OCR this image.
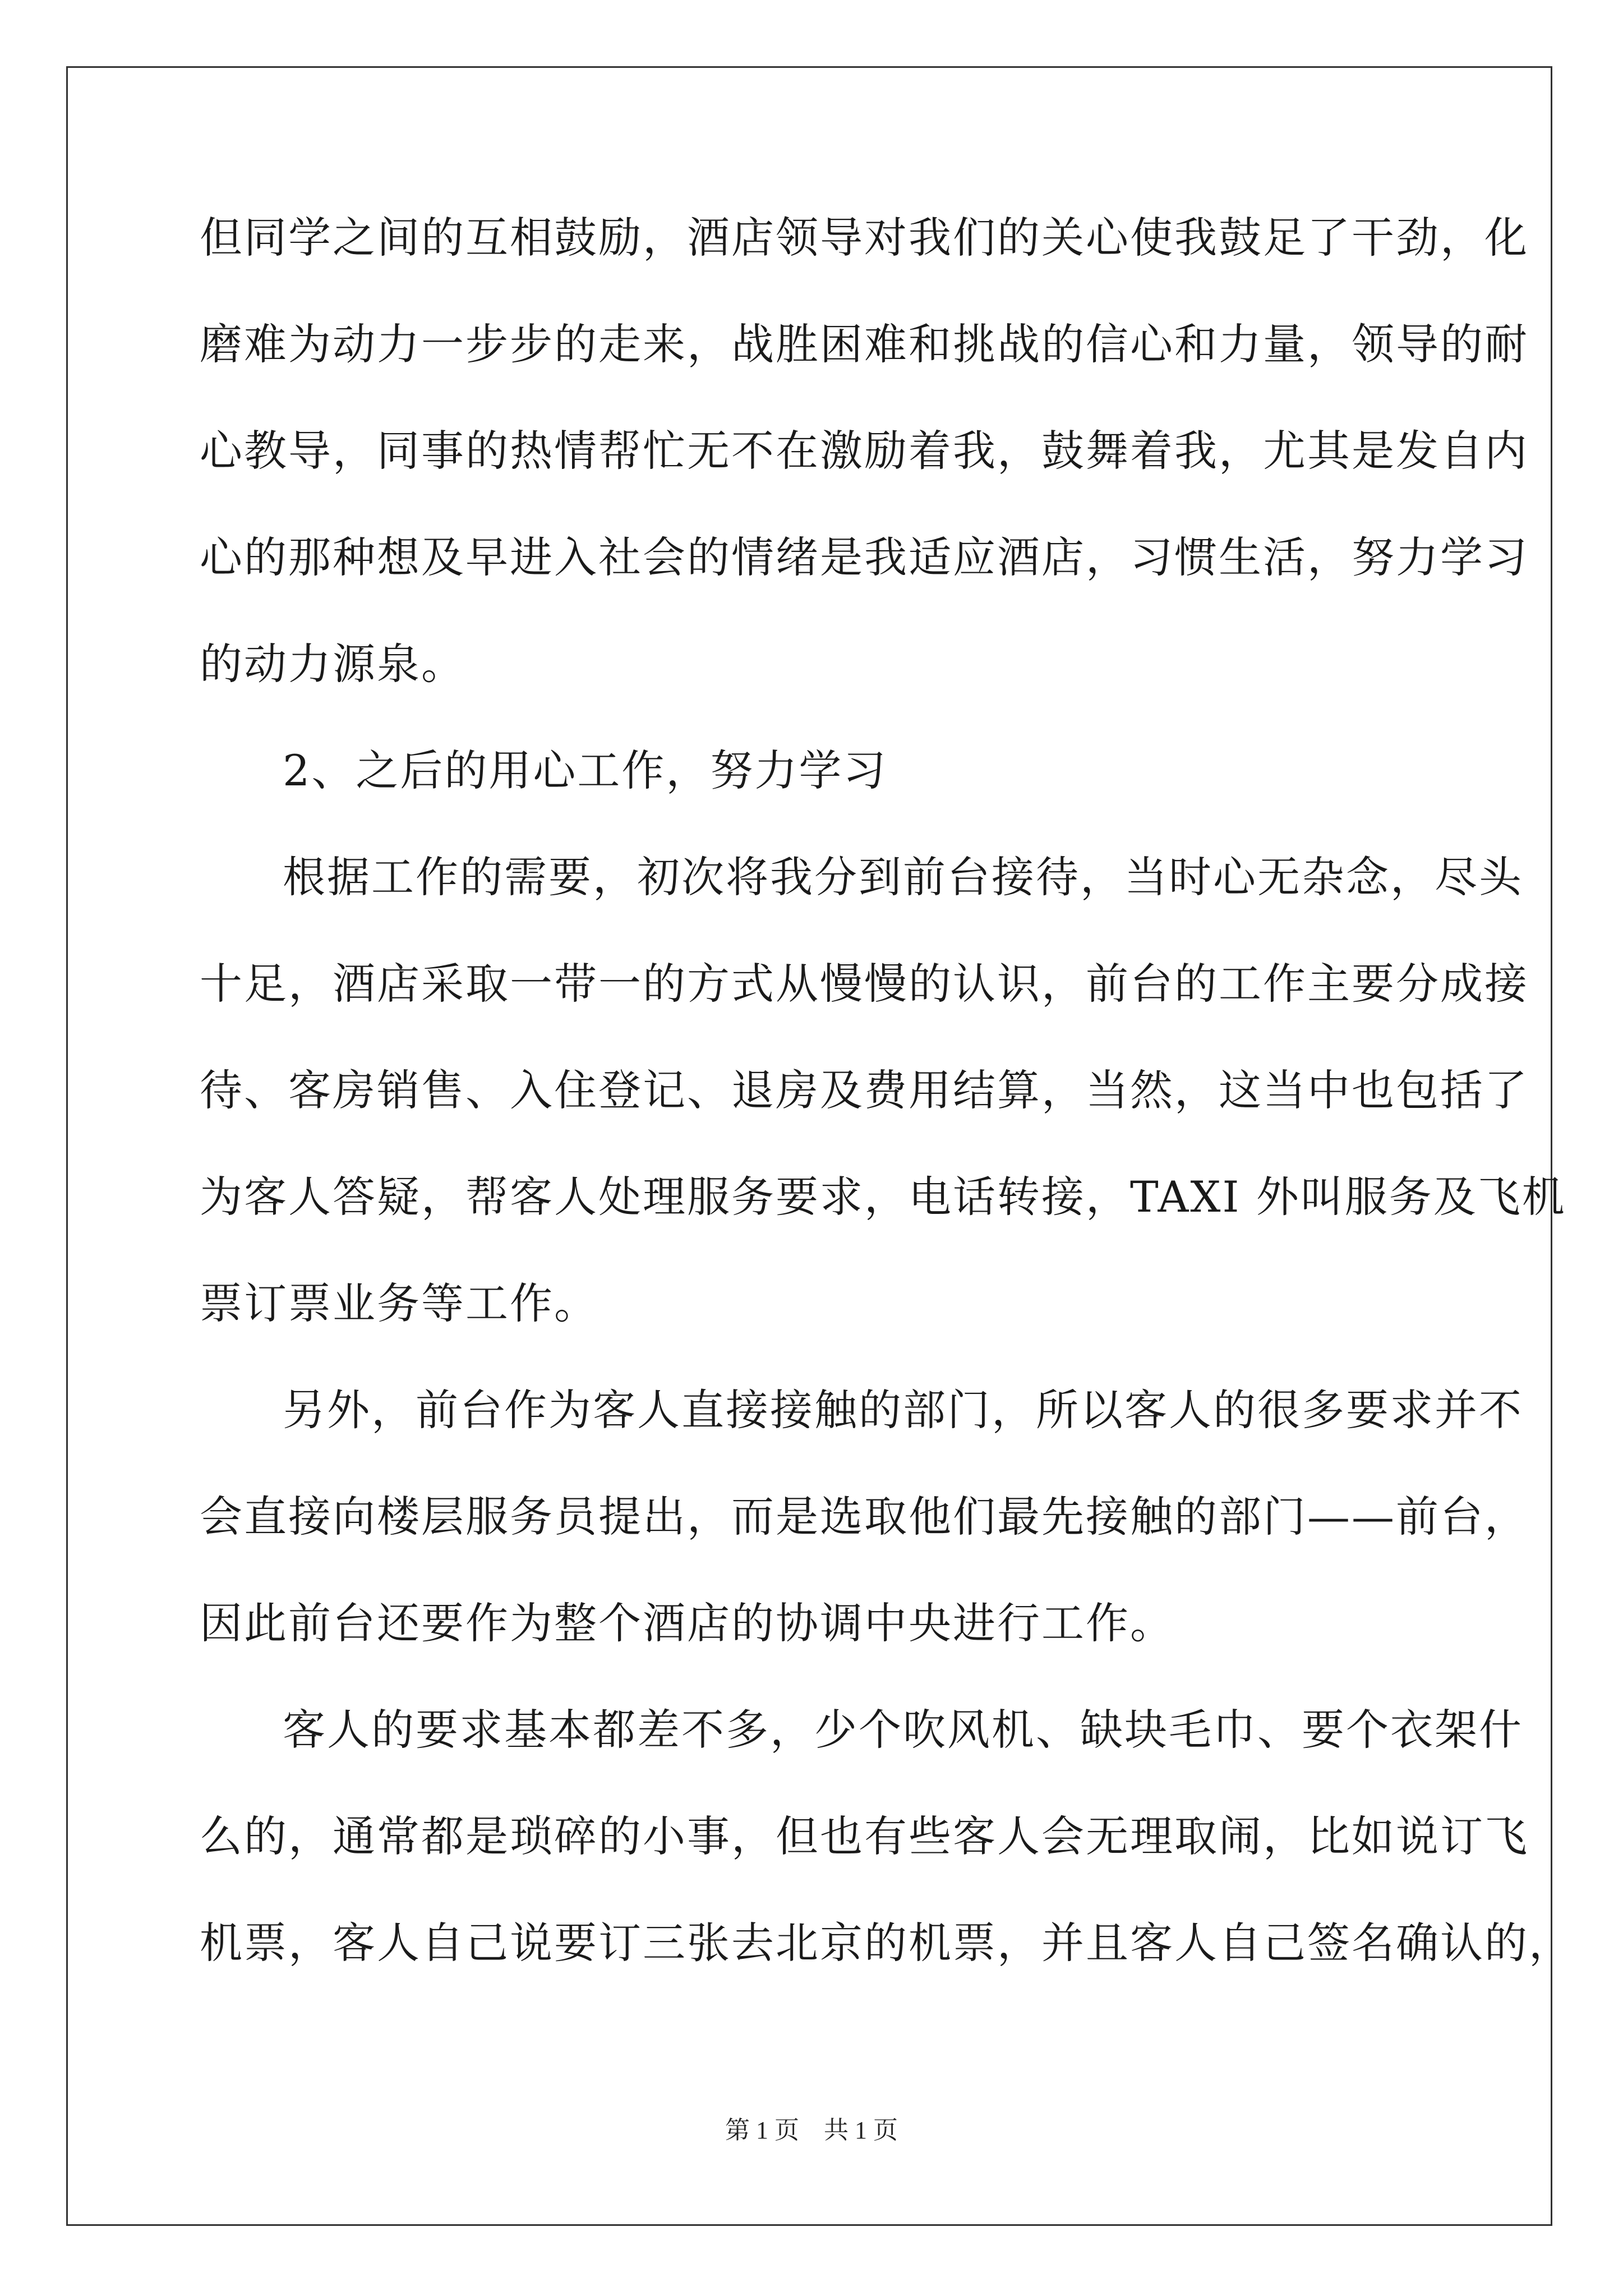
但同学之间的互相鼓励，酒店领导对我们的关心使我鼓足了干劲，化
磨难为动力一步步的走来，战胜困难和挑战的信心和力量，领导的耐
心教导，同事的热情帮忙无不在激励着我，鼓舞着我，尤其是发自内
心的那种想及早进入社会的情绪是我适应酒店，习惯生活，努力学习
的动力源泉。
2、之后的用心工作，努力学习
根据工作的需要，初次将我分到前台接待，当时心无杂念，尽头
十足，酒店采取一带一的方式从慢慢的认识，前台的工作主要分成接
待、客房销售、入住登记、退房及费用结算，当然，这当中也包括了
为客人答疑，帮客人处理服务要求，电话转接，TAXI 外叫服务及飞机
票订票业务等工作。
另外，前台作为客人直接接触的部门，所以客人的很多要求并不
会直接向楼层服务员提出，而是选取他们最先接触的部门——前台，
因此前台还要作为整个酒店的协调中央进行工作。
客人的要求基本都差不多，少个吹风机、缺块毛巾、要个衣架什
么的，通常都是琐碎的小事，但也有些客人会无理取闹，比如说订飞
机票，客人自己说要订三张去北京的机票，并且客人自己签名确认的，
第 1 页　共 1 页
